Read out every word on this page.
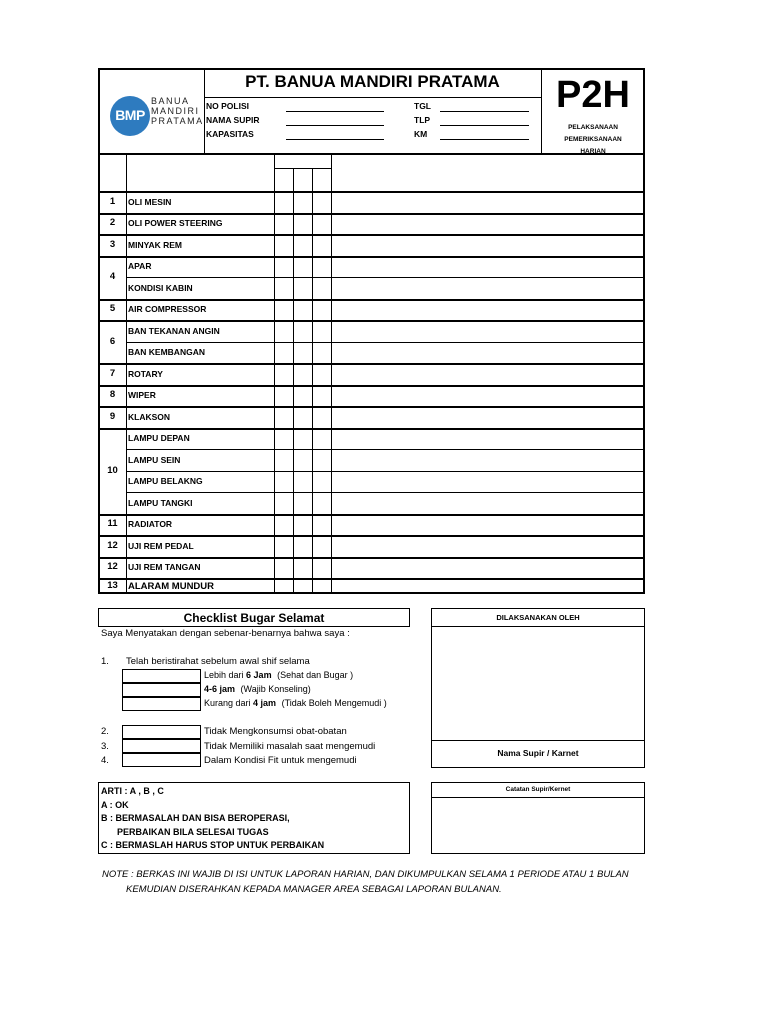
BMP
BANUA
MANDIRI
PRATAMA
PT. BANUA MANDIRI PRATAMA
NO POLISI
NAMA SUPIR
KAPASITAS
TGL
TLP
KM
P2H
PELAKSANAAN
PEMERIKSANAAN
HARIAN
1	OLI MESIN
2	OLI POWER STEERING
3	MINYAK REM
4
APAR
KONDISI KABIN
5	AIR COMPRESSOR
6
BAN TEKANAN ANGIN
BAN KEMBANGAN
7	ROTARY
8	WIPER
9	KLAKSON
10
LAMPU DEPAN
LAMPU SEIN
LAMPU BELAKNG
LAMPU TANGKI
11	RADIATOR
12	UJI REM PEDAL
12	UJI REM TANGAN
13	ALARAM MUNDUR
Checklist Bugar Selamat
Saya Menyatakan dengan sebenar-benarnya bahwa saya :
1. Telah beristirahat sebelum awal shif selama
Lebih dari 6 Jam (Sehat dan Bugar )
4-6 jam (Wajib Konseling)
Kurang dari 4 jam (Tidak Boleh Mengemudi )
2.	Tidak Mengkonsumsi obat-obatan
3.	Tidak Memiliki masalah saat mengemudi
4.	Dalam Kondisi Fit untuk mengemudi
DILAKSANAKAN OLEH
Nama Supir / Karnet
ARTI : A , B , C
A : OK
B : BERMASALAH DAN BISA BEROPERASI,
PERBAIKAN BILA SELESAI TUGAS
C : BERMASLAH HARUS STOP UNTUK PERBAIKAN
Catatan Supir/Kernet
NOTE : BERKAS INI WAJIB DI ISI UNTUK LAPORAN HARIAN, DAN DIKUMPULKAN SELAMA 1 PERIODE ATAU 1 BULAN
KEMUDIAN DISERAHKAN KEPADA MANAGER AREA SEBAGAI LAPORAN BULANAN.
